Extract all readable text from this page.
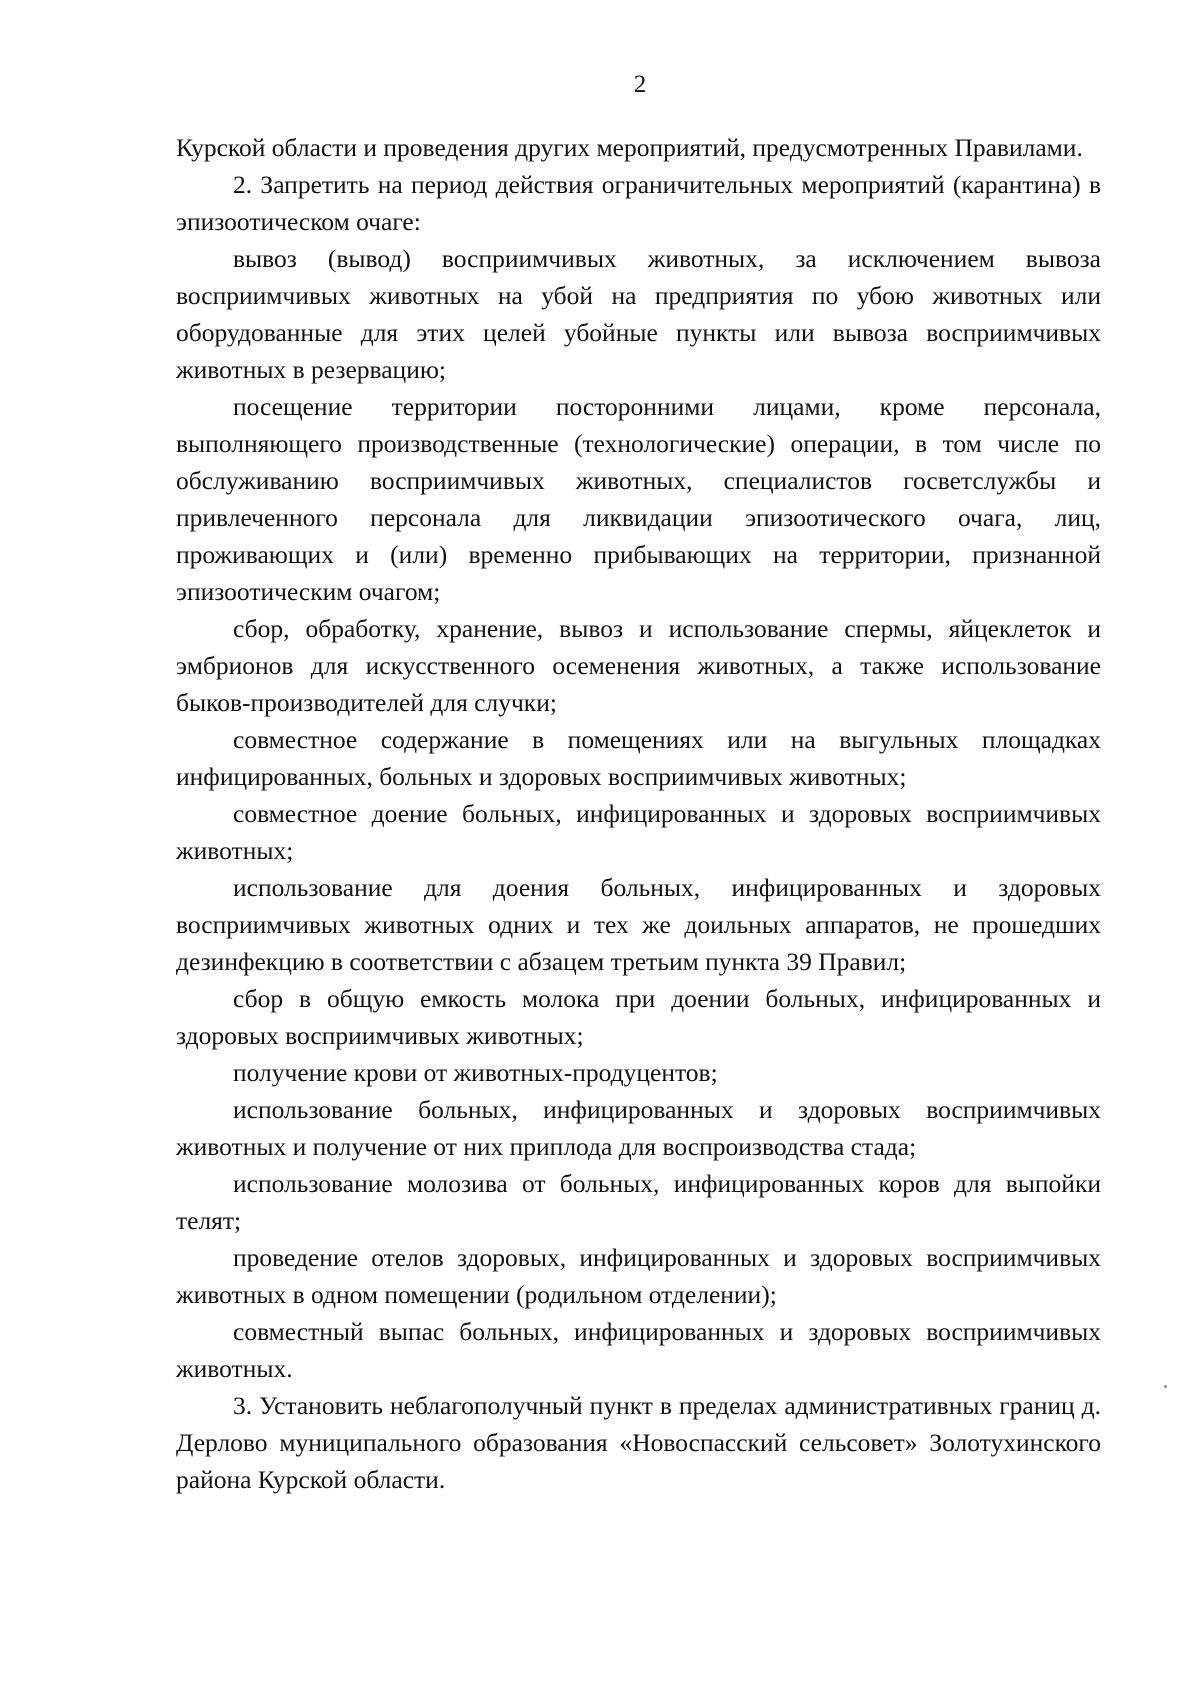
2

Курской области и проведения других мероприятий, предусмотренных Правилами.

2. Запретить на период действия ограничительных мероприятий (карантина) в эпизоотическом очаге:

вывоз (вывод) восприимчивых животных, за исключением вывоза восприимчивых животных на убой на предприятия по убою животных или оборудованные для этих целей убойные пункты или вывоза восприимчивых животных в резервацию;

посещение территории посторонними лицами, кроме персонала, выполняющего производственные (технологические) операции, в том числе по обслуживанию восприимчивых животных, специалистов госветслужбы и привлеченного персонала для ликвидации эпизоотического очага, лиц, проживающих и (или) временно прибывающих на территории, признанной эпизоотическим очагом;

сбор, обработку, хранение, вывоз и использование спермы, яйцеклеток и эмбрионов для искусственного осеменения животных, а также использование быков-производителей для случки;

совместное содержание в помещениях или на выгульных площадках инфицированных, больных и здоровых восприимчивых животных;

совместное доение больных, инфицированных и здоровых восприимчивых животных;

использование для доения больных, инфицированных и здоровых восприимчивых животных одних и тех же доильных аппаратов, не прошедших дезинфекцию в соответствии с абзацем третьим пункта 39 Правил;

сбор в общую емкость молока при доении больных, инфицированных и здоровых восприимчивых животных;

получение крови от животных-продуцентов;

использование больных, инфицированных и здоровых восприимчивых животных и получение от них приплода для воспроизводства стада;

использование молозива от больных, инфицированных коров для выпойки телят;

проведение отелов здоровых, инфицированных и здоровых восприимчивых животных в одном помещении (родильном отделении);

совместный выпас больных, инфицированных и здоровых восприимчивых животных.

3. Установить неблагополучный пункт в пределах административных границ д. Дерлово муниципального образования «Новоспасский сельсовет» Золотухинского района Курской области.
